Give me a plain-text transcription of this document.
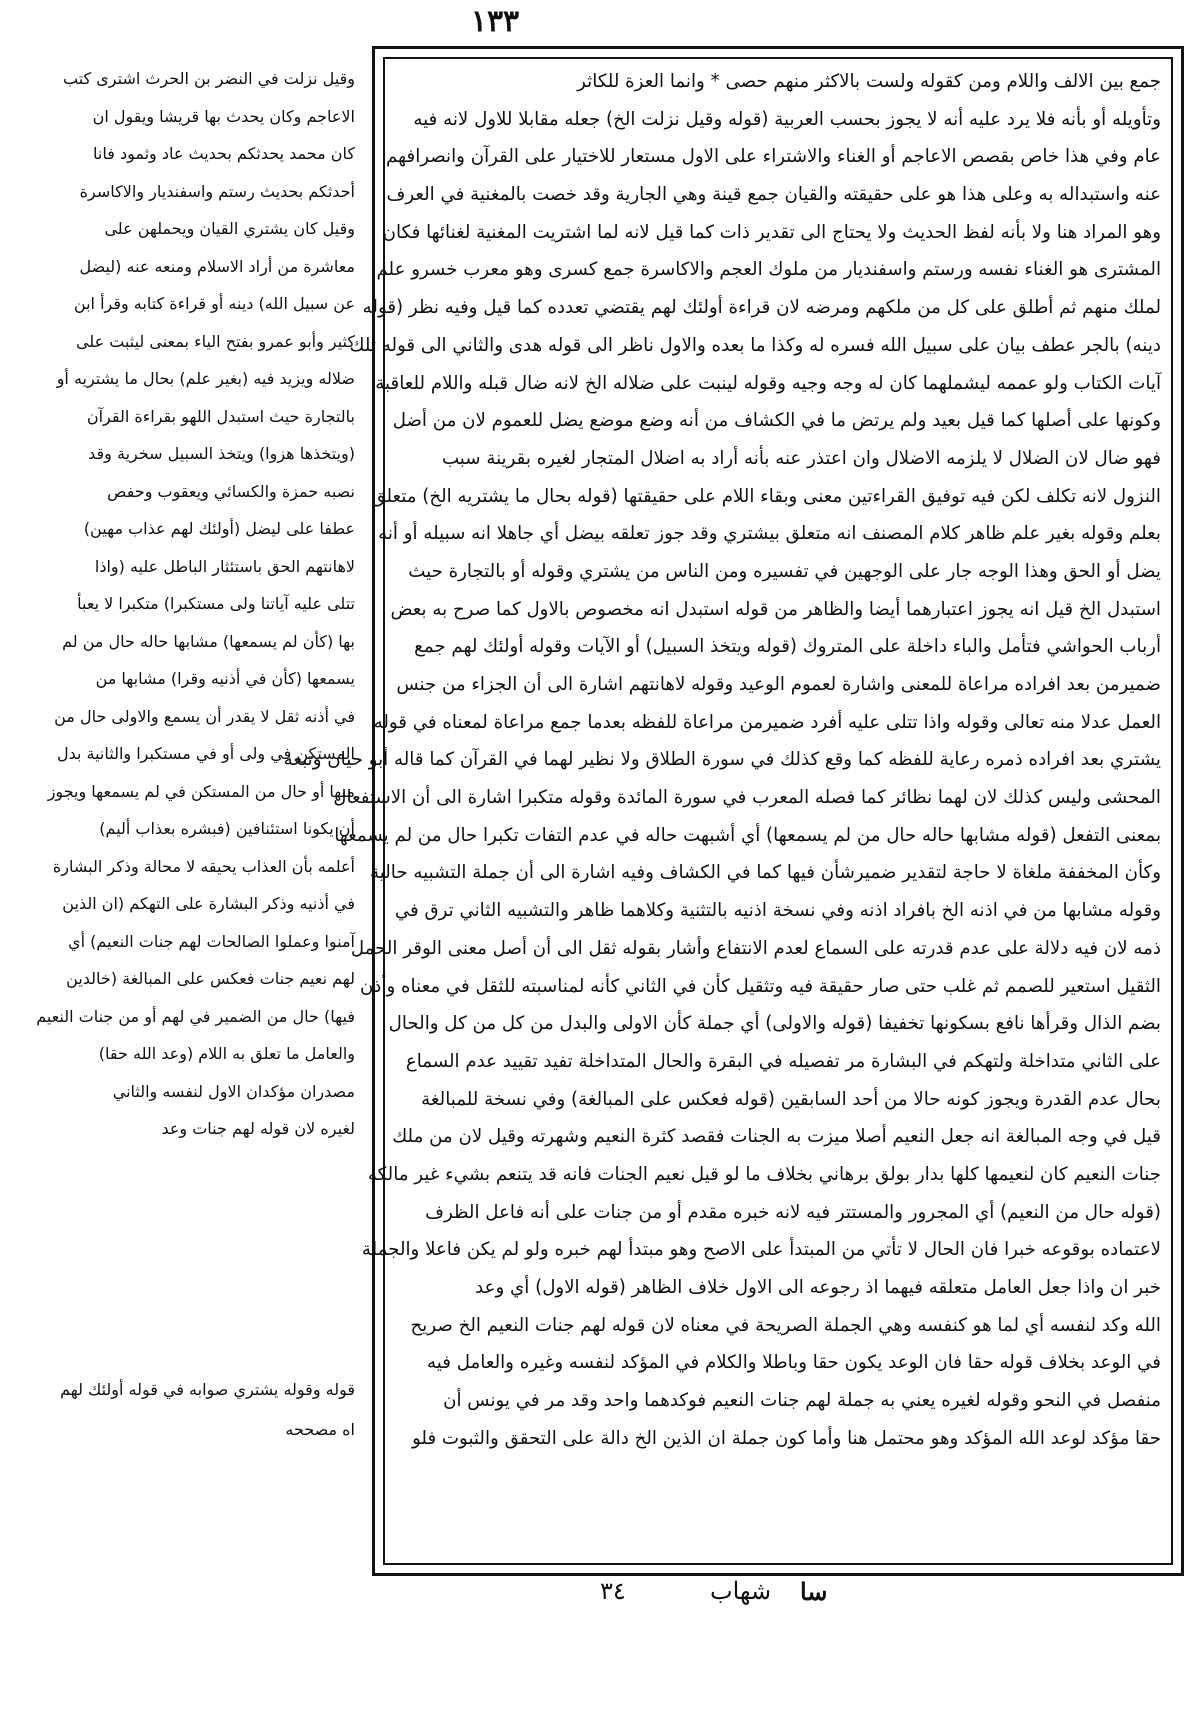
١٣٣
وقيل نزلت في النضر بن الحرث اشترى كتب
الاعاجم وكان يحدث بها قريشا ويقول ان
كان محمد يحدثكم بحديث عاد وثمود فانا
أحدثكم بحديث رستم واسفنديار والاكاسرة
وقيل كان يشتري القيان ويحملهن على
معاشرة من أراد الاسلام ومنعه عنه (ليضل
عن سبيل الله) دينه أو قراءة كتابه وقرأ ابن
كثير وأبو عمرو بفتح الياء بمعنى ليثبت على
ضلاله ويزيد فيه (بغير علم) بحال ما يشتريه أو
بالتجارة حيث استبدل اللهو بقراءة القرآن
(ويتخذها هزوا) ويتخذ السبيل سخرية وقد
نصبه حمزة والكسائي ويعقوب وحفص
عطفا على ليضل (أولئك لهم عذاب مهين)
لاهانتهم الحق باستئثار الباطل عليه (واذا
تتلى عليه آياتنا ولى مستكبرا) متكبرا لا يعبأ
بها (كأن لم يسمعها) مشابها حاله حال من لم
يسمعها (كأن في أذنيه وقرا) مشابها من
في أذنه ثقل لا يقدر أن يسمع والاولى حال من
المستكن في ولى أو في مستكبرا والثانية بدل
منها أو حال من المستكن في لم يسمعها ويجوز
أن يكونا استئنافين (فبشره بعذاب أليم)
أعلمه بأن العذاب يحيقه لا محالة وذكر البشارة
في أذنيه وذكر البشارة على التهكم (ان الذين
آمنوا وعملوا الصالحات لهم جنات النعيم) أي
لهم نعيم جنات فعكس على المبالغة (خالدين
فيها) حال من الضمير في لهم أو من جنات النعيم
والعامل ما تعلق به اللام (وعد الله حقا)
مصدران مؤكدان الاول لنفسه والثاني
لغيره لان قوله لهم جنات وعد
قوله وقوله يشتري صوابه في قوله أولئك لهم
اه مصححه
جمع بين الالف واللام ومن كقوله ولست بالاكثر منهم حصى * وانما العزة للكاثر
وتأويله أو بأنه فلا يرد عليه أنه لا يجوز بحسب العربية (قوله وقيل نزلت الخ) جعله مقابلا للاول لانه فيه
عام وفي هذا خاص بقصص الاعاجم أو الغناء والاشتراء على الاول مستعار للاختيار على القرآن وانصرافهم
عنه واستبداله به وعلى هذا هو على حقيقته والقيان جمع قينة وهي الجارية وقد خصت بالمغنية في العرف
وهو المراد هنا ولا بأنه لفظ الحديث ولا يحتاج الى تقدير ذات كما قيل لانه لما اشتريت المغنية لغنائها فكان
المشترى هو الغناء نفسه ورستم واسفنديار من ملوك العجم والاكاسرة جمع كسرى وهو معرب خسرو علم
لملك منهم ثم أطلق على كل من ملكهم ومرضه لان قراءة أولئك لهم يقتضي تعدده كما قيل وفيه نظر (قوله
دينه) بالجر عطف بيان على سبيل الله فسره له وكذا ما بعده والاول ناظر الى قوله هدى والثاني الى قوله تلك
آيات الكتاب ولو عممه ليشملهما كان له وجه وجيه وقوله لينبت على ضلاله الخ لانه ضال قبله واللام للعاقبة
وكونها على أصلها كما قيل بعيد ولم يرتض ما في الكشاف من أنه وضع موضع يضل للعموم لان من أضل
فهو ضال لان الضلال لا يلزمه الاضلال وان اعتذر عنه بأنه أراد به اضلال المتجار لغيره بقرينة سبب
النزول لانه تكلف لكن فيه توفيق القراءتين معنى وبقاء اللام على حقيقتها (قوله بحال ما يشتريه الخ) متعلق
بعلم وقوله بغير علم ظاهر كلام المصنف انه متعلق بيشتري وقد جوز تعلقه بيضل أي جاهلا انه سبيله أو أنه
يضل أو الحق وهذا الوجه جار على الوجهين في تفسيره ومن الناس من يشتري وقوله أو بالتجارة حيث
استبدل الخ قيل انه يجوز اعتبارهما أيضا والظاهر من قوله استبدل انه مخصوص بالاول كما صرح به بعض
أرباب الحواشي فتأمل والباء داخلة على المتروك (قوله ويتخذ السبيل) أو الآيات وقوله أولئك لهم جمع
ضميرمن بعد افراده مراعاة للمعنى واشارة لعموم الوعيد وقوله لاهانتهم اشارة الى أن الجزاء من جنس
العمل عدلا منه تعالى وقوله واذا تتلى عليه أفرد ضميرمن مراعاة للفظه بعدما جمع مراعاة لمعناه في قوله
يشتري بعد افراده ذمره رعاية للفظه كما وقع كذلك في سورة الطلاق ولا نظير لهما في القرآن كما قاله أبو حيان وتبعه
المحشى وليس كذلك لان لهما نظائر كما فصله المعرب في سورة المائدة وقوله متكبرا اشارة الى أن الاستفعال
بمعنى التفعل (قوله مشابها حاله حال من لم يسمعها) أي أشبهت حاله في عدم التفات تكبرا حال من لم يسمعها
وكأن المخففة ملغاة لا حاجة لتقدير ضميرشأن فيها كما في الكشاف وفيه اشارة الى أن جملة التشبيه حالية
وقوله مشابها من في اذنه الخ بافراد اذنه وفي نسخة اذنيه بالتثنية وكلاهما ظاهر والتشبيه الثاني ترق في
ذمه لان فيه دلالة على عدم قدرته على السماع لعدم الانتفاع وأشار بقوله ثقل الى أن أصل معنى الوقر الحمل
الثقيل استعير للصمم ثم غلب حتى صار حقيقة فيه وتثقيل كأن في الثاني كأنه لمناسبته للثقل في معناه وأذن
بضم الذال وقرأها نافع بسكونها تخفيفا (قوله والاولى) أي جملة كأن الاولى والبدل من كل من كل والحال
على الثاني متداخلة ولتهكم في البشارة مر تفصيله في البقرة والحال المتداخلة تفيد تقييد عدم السماع
بحال عدم القدرة ويجوز كونه حالا من أحد السابقين (قوله فعكس على المبالغة) وفي نسخة للمبالغة
قيل في وجه المبالغة انه جعل النعيم أصلا ميزت به الجنات فقصد كثرة النعيم وشهرته وقيل لان من ملك
جنات النعيم كان لنعيمها كلها بدار بولق برهاني بخلاف ما لو قيل نعيم الجنات فانه قد يتنعم بشيء غير مالكه
(قوله حال من النعيم) أي المجرور والمستتر فيه لانه خبره مقدم أو من جنات على أنه فاعل الظرف
لاعتماده بوقوعه خبرا فان الحال لا تأتي من المبتدأ على الاصح وهو مبتدأ لهم خبره ولو لم يكن فاعلا والجملة
خبر ان واذا جعل العامل متعلقه فيهما اذ رجوعه الى الاول خلاف الظاهر (قوله الاول) أي وعد
الله وكد لنفسه أي لما هو كنفسه وهي الجملة الصريحة في معناه لان قوله لهم جنات النعيم الخ صريح
في الوعد بخلاف قوله حقا فان الوعد يكون حقا وباطلا والكلام في المؤكد لنفسه وغيره والعامل فيه
منفصل في النحو وقوله لغيره يعني به جملة لهم جنات النعيم فوكدهما واحد وقد مر في يونس أن
حقا مؤكد لوعد الله المؤكد وهو محتمل هنا وأما كون جملة ان الذين الخ دالة على التحقق والثبوت فلو
٣٤	شهاب سا
